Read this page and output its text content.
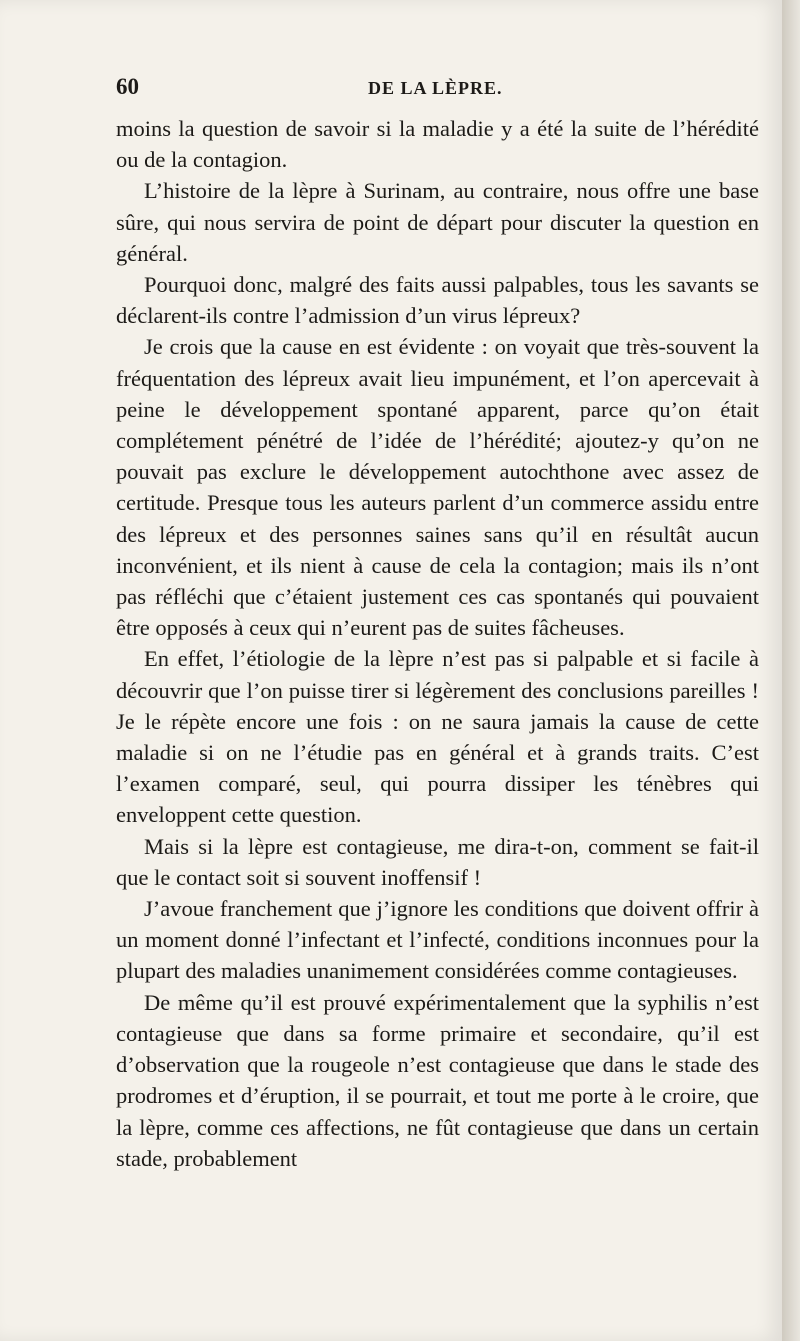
60	DE LA LÈPRE.

moins la question de savoir si la maladie y a été la suite de l’hérédité ou de la contagion.

L’histoire de la lèpre à Surinam, au contraire, nous offre une base sûre, qui nous servira de point de départ pour discuter la question en général.

Pourquoi donc, malgré des faits aussi palpables, tous les savants se déclarent-ils contre l’admission d’un virus lépreux?

Je crois que la cause en est évidente : on voyait que très-souvent la fréquentation des lépreux avait lieu impunément, et l’on apercevait à peine le développement spontané apparent, parce qu’on était complétement pénétré de l’idée de l’hérédité; ajoutez-y qu’on ne pouvait pas exclure le développement autochthone avec assez de certitude. Presque tous les auteurs parlent d’un commerce assidu entre des lépreux et des personnes saines sans qu’il en résultât aucun inconvénient, et ils nient à cause de cela la contagion; mais ils n’ont pas réfléchi que c’étaient justement ces cas spontanés qui pouvaient être opposés à ceux qui n’eurent pas de suites fâcheuses.

En effet, l’étiologie de la lèpre n’est pas si palpable et si facile à découvrir que l’on puisse tirer si légèrement des conclusions pareilles ! Je le répète encore une fois : on ne saura jamais la cause de cette maladie si on ne l’étudie pas en général et à grands traits. C’est l’examen comparé, seul, qui pourra dissiper les ténèbres qui enveloppent cette question.

Mais si la lèpre est contagieuse, me dira-t-on, comment se fait-il que le contact soit si souvent inoffensif !

J’avoue franchement que j’ignore les conditions que doivent offrir à un moment donné l’infectant et l’infecté, conditions inconnues pour la plupart des maladies unanimement considérées comme contagieuses.

De même qu’il est prouvé expérimentalement que la syphilis n’est contagieuse que dans sa forme primaire et secondaire, qu’il est d’observation que la rougeole n’est contagieuse que dans le stade des prodromes et d’éruption, il se pourrait, et tout me porte à le croire, que la lèpre, comme ces affections, ne fût contagieuse que dans un certain stade, probablement
